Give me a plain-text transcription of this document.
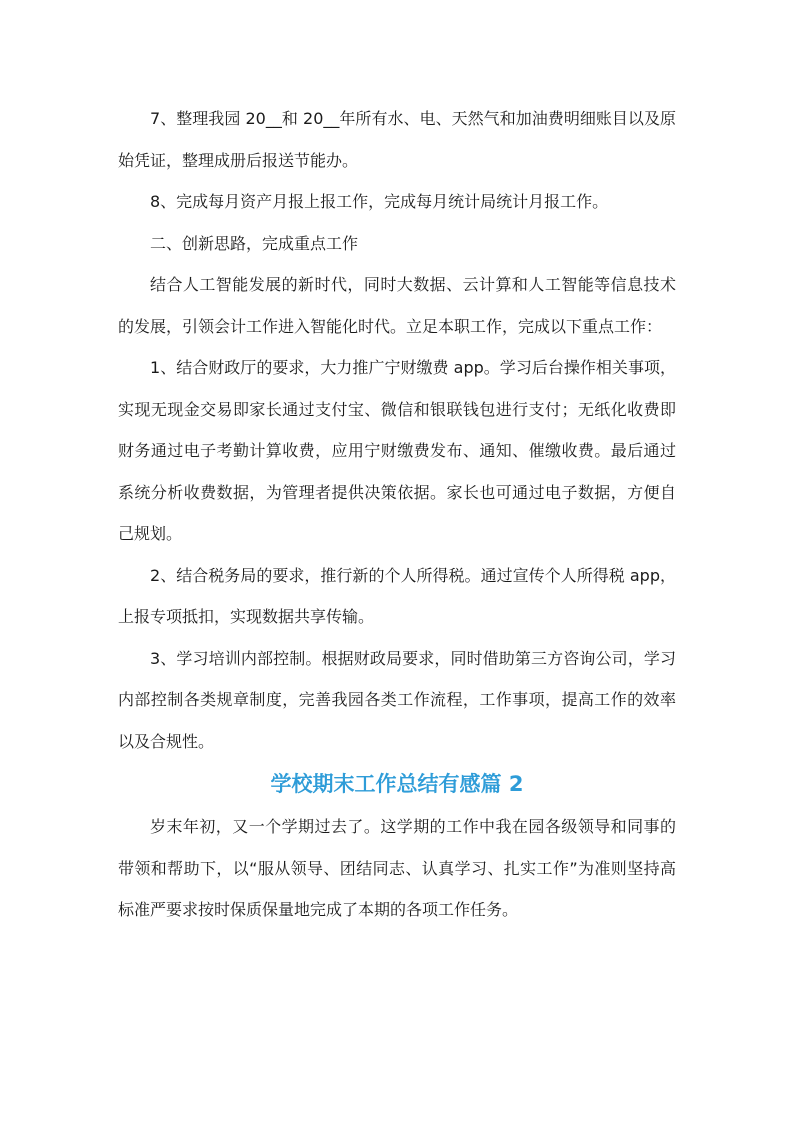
7、整理我园 20__和 20__年所有水、电、天然气和加油费明细账目以及原始凭证，整理成册后报送节能办。

8、完成每月资产月报上报工作，完成每月统计局统计月报工作。

二、创新思路，完成重点工作

结合人工智能发展的新时代，同时大数据、云计算和人工智能等信息技术的发展，引领会计工作进入智能化时代。立足本职工作，完成以下重点工作：

1、结合财政厅的要求，大力推广宁财缴费 app。学习后台操作相关事项，实现无现金交易即家长通过支付宝、微信和银联钱包进行支付；无纸化收费即财务通过电子考勤计算收费，应用宁财缴费发布、通知、催缴收费。最后通过系统分析收费数据，为管理者提供决策依据。家长也可通过电子数据，方便自己规划。

2、结合税务局的要求，推行新的个人所得税。通过宣传个人所得税 app，上报专项抵扣，实现数据共享传输。

3、学习培训内部控制。根据财政局要求，同时借助第三方咨询公司，学习内部控制各类规章制度，完善我园各类工作流程，工作事项，提高工作的效率以及合规性。

学校期末工作总结有感篇 2

岁末年初，又一个学期过去了。这学期的工作中我在园各级领导和同事的带领和帮助下，以“服从领导、团结同志、认真学习、扎实工作”为准则坚持高标准严要求按时保质保量地完成了本期的各项工作任务。
